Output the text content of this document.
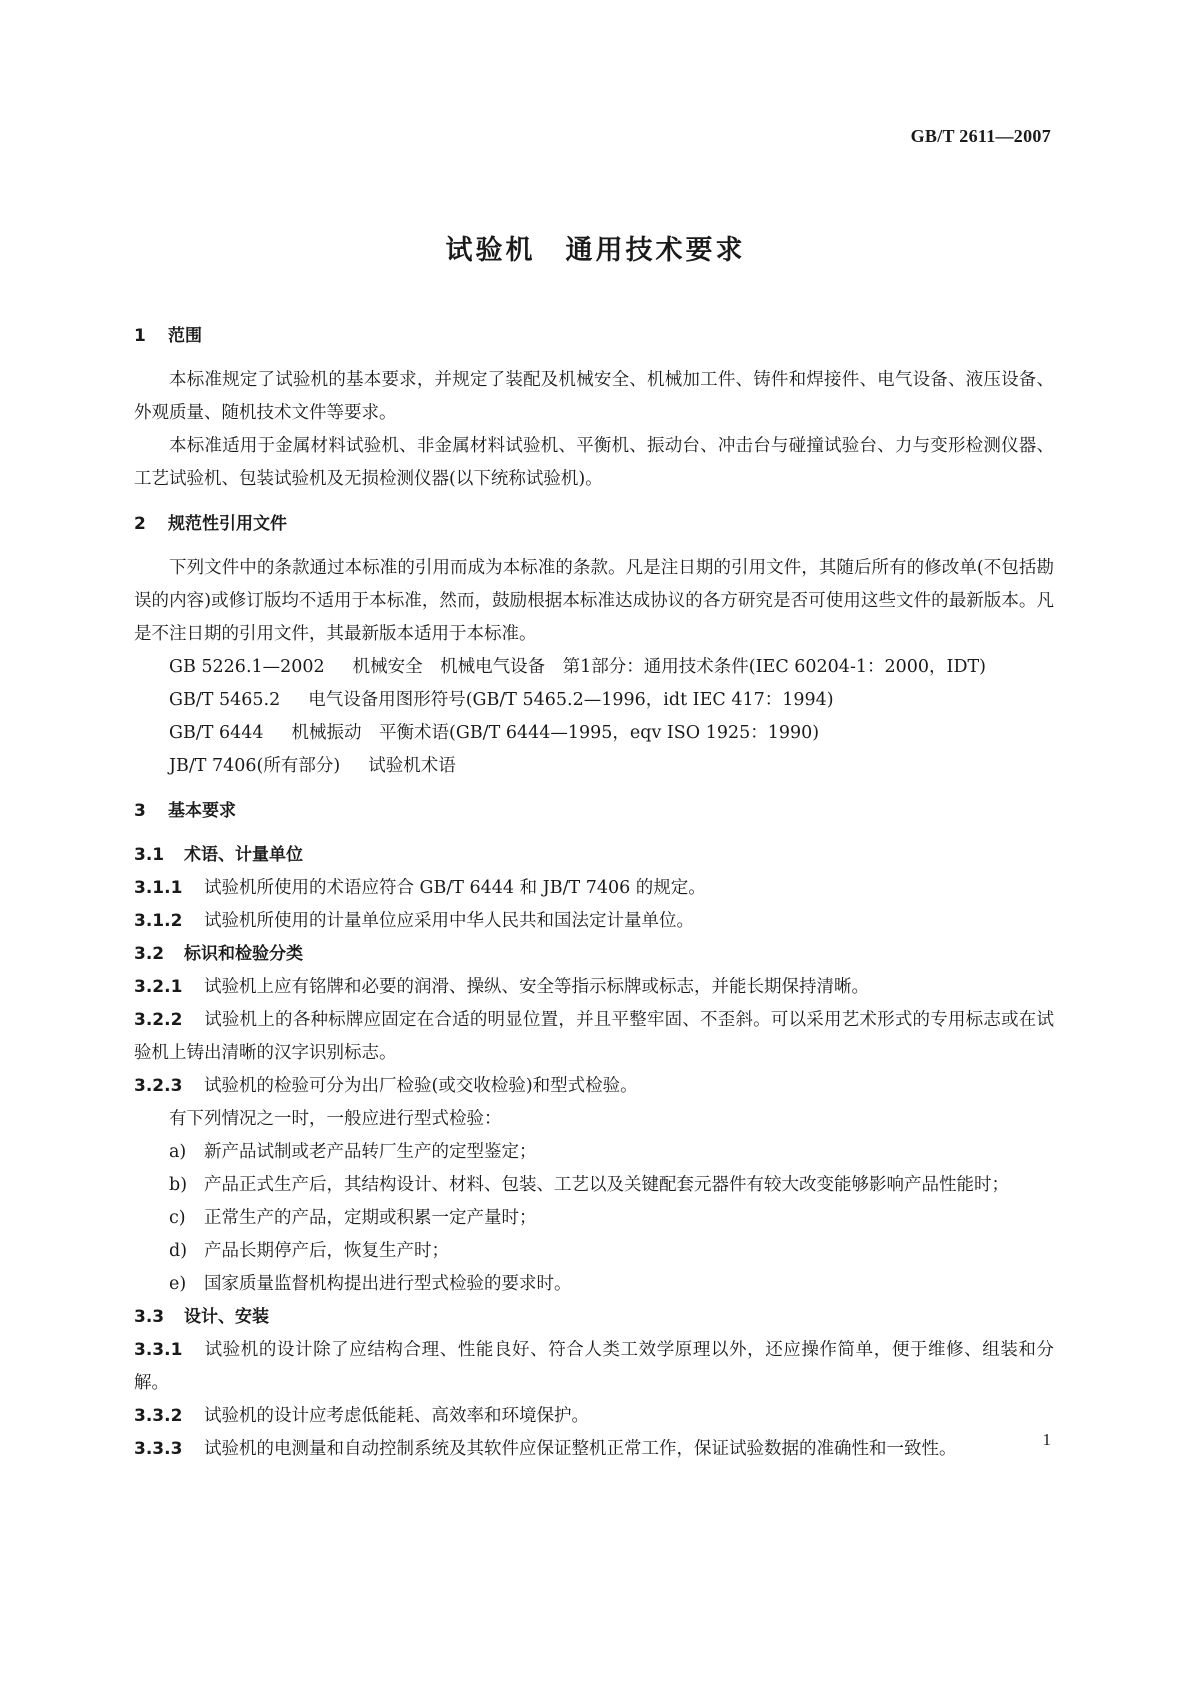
GB/T 2611—2007
试验机　通用技术要求

1 范围

本标准规定了试验机的基本要求，并规定了装配及机械安全、机械加工件、铸件和焊接件、电气设备、液压设备、外观质量、随机技术文件等要求。

本标准适用于金属材料试验机、非金属材料试验机、平衡机、振动台、冲击台与碰撞试验台、力与变形检测仪器、工艺试验机、包装试验机及无损检测仪器(以下统称试验机)。

2 规范性引用文件

下列文件中的条款通过本标准的引用而成为本标准的条款。凡是注日期的引用文件，其随后所有的修改单(不包括勘误的内容)或修订版均不适用于本标准，然而，鼓励根据本标准达成协议的各方研究是否可使用这些文件的最新版本。凡是不注日期的引用文件，其最新版本适用于本标准。

GB 5226.1—2002 机械安全　机械电气设备　第1部分：通用技术条件(IEC 60204-1：2000，IDT)

GB/T 5465.2 电气设备用图形符号(GB/T 5465.2—1996，idt IEC 417：1994)

GB/T 6444 机械振动　平衡术语(GB/T 6444—1995，eqv ISO 1925：1990)

JB/T 7406(所有部分) 试验机术语

3 基本要求

3.1 术语、计量单位

3.1.1 试验机所使用的术语应符合 GB/T 6444 和 JB/T 7406 的规定。

3.1.2 试验机所使用的计量单位应采用中华人民共和国法定计量单位。

3.2 标识和检验分类

3.2.1 试验机上应有铭牌和必要的润滑、操纵、安全等指示标牌或标志，并能长期保持清晰。

3.2.2 试验机上的各种标牌应固定在合适的明显位置，并且平整牢固、不歪斜。可以采用艺术形式的专用标志或在试验机上铸出清晰的汉字识别标志。

3.2.3 试验机的检验可分为出厂检验(或交收检验)和型式检验。

有下列情况之一时，一般应进行型式检验：

a) 新产品试制或老产品转厂生产的定型鉴定；

b) 产品正式生产后，其结构设计、材料、包装、工艺以及关键配套元器件有较大改变能够影响产品性能时；

c) 正常生产的产品，定期或积累一定产量时；

d) 产品长期停产后，恢复生产时；

e) 国家质量监督机构提出进行型式检验的要求时。

3.3 设计、安装

3.3.1 试验机的设计除了应结构合理、性能良好、符合人类工效学原理以外，还应操作简单，便于维修、组装和分解。

3.3.2 试验机的设计应考虑低能耗、高效率和环境保护。

3.3.3 试验机的电测量和自动控制系统及其软件应保证整机正常工作，保证试验数据的准确性和一致性。	1
